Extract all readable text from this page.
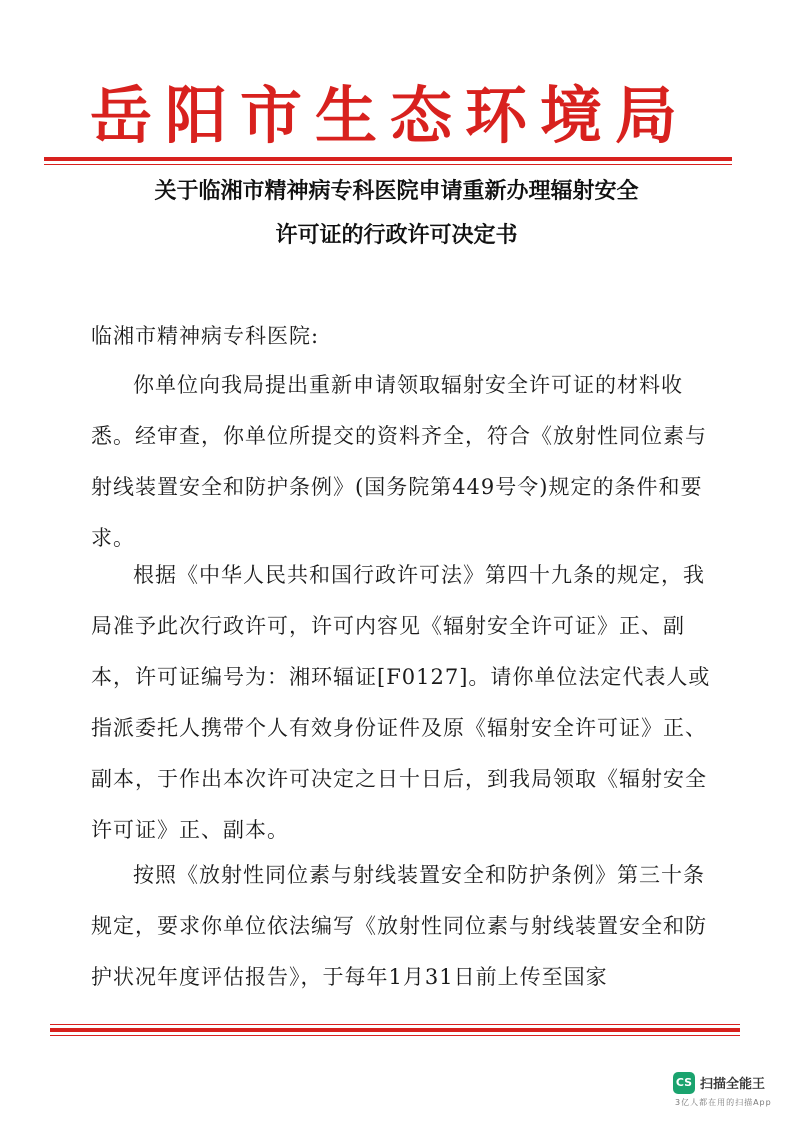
岳阳市生态环境局
关于临湘市精神病专科医院申请重新办理辐射安全
许可证的行政许可决定书
临湘市精神病专科医院:

你单位向我局提出重新申请领取辐射安全许可证的材料收悉。经审查，你单位所提交的资料齐全，符合《放射性同位素与射线装置安全和防护条例》(国务院第449号令)规定的条件和要求。

根据《中华人民共和国行政许可法》第四十九条的规定，我局准予此次行政许可，许可内容见《辐射安全许可证》正、副本，许可证编号为：湘环辐证[F0127]。请你单位法定代表人或指派委托人携带个人有效身份证件及原《辐射安全许可证》正、副本，于作出本次许可决定之日十日后，到我局领取《辐射安全许可证》正、副本。

按照《放射性同位素与射线装置安全和防护条例》第三十条规定，要求你单位依法编写《放射性同位素与射线装置安全和防护状况年度评估报告》，于每年1月31日前上传至国家

CS 扫描全能王
3亿人都在用的扫描App
